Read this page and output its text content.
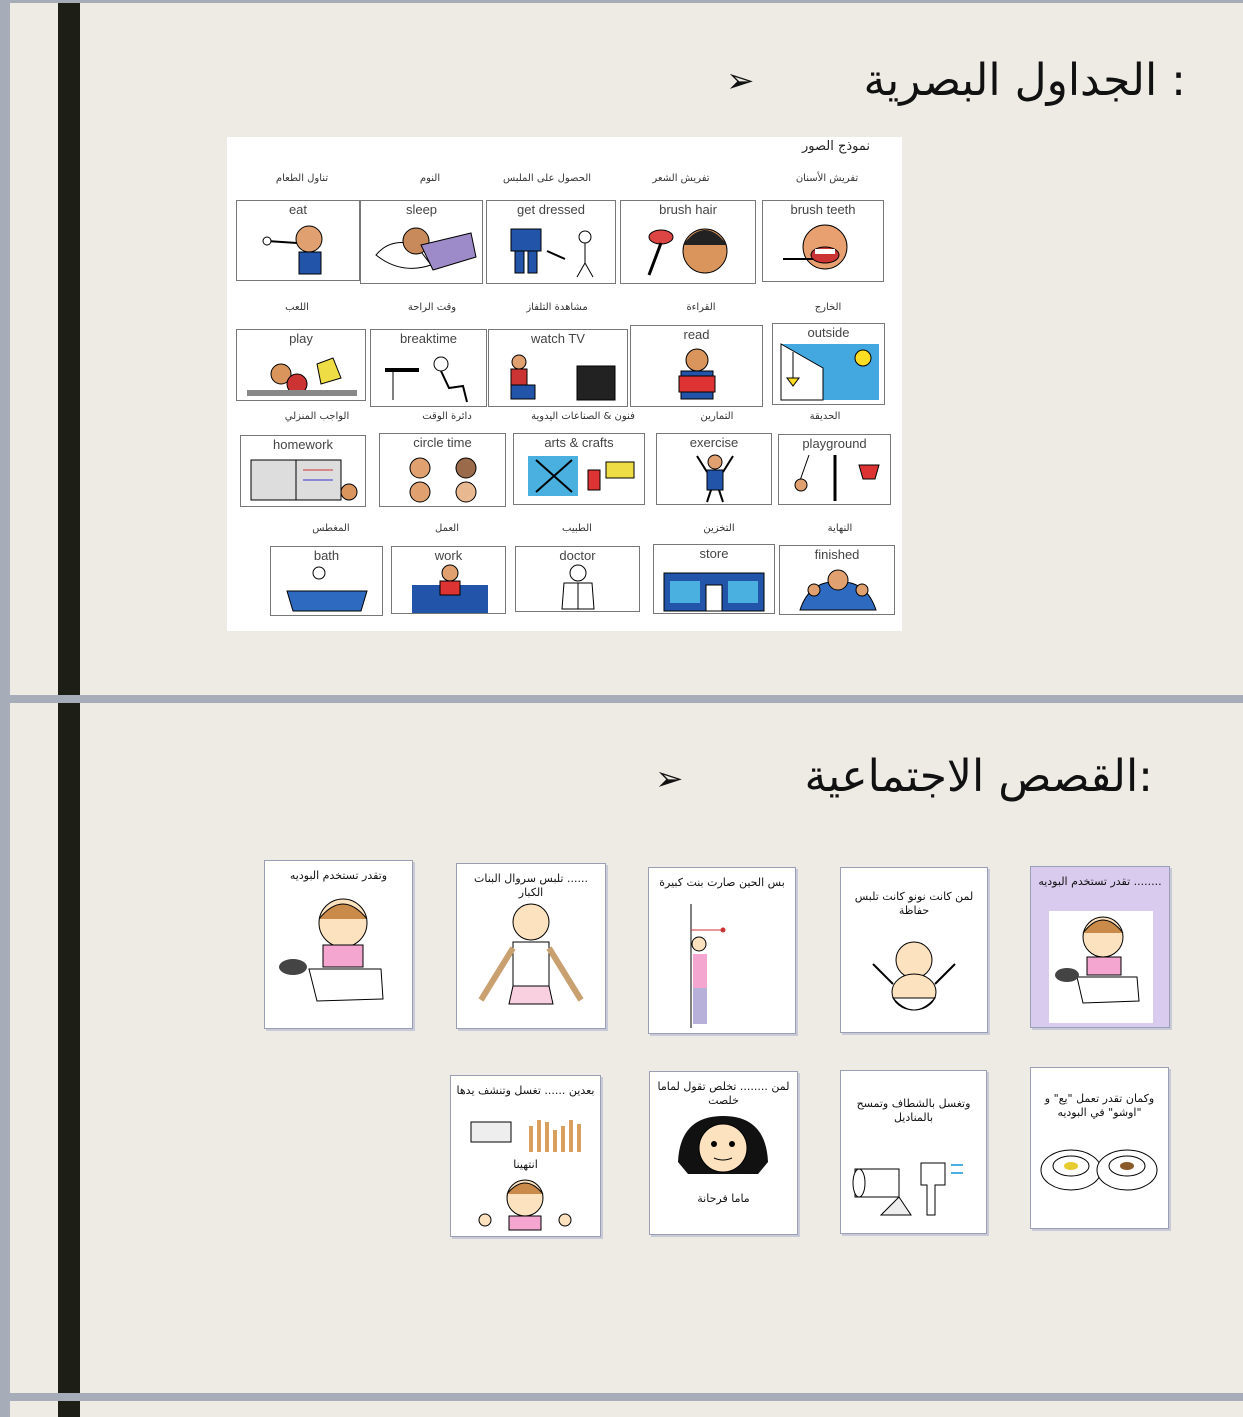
: الجداول البصرية
➢
نموذج الصور
تناول الطعام	النوم	الحصول على الملبس	تفريش الشعر	تفريش الأسنان
eat	sleep	get dressed	brush hair	brush teeth
اللعب	وقت الراحة	مشاهدة التلفاز	القراءة	الخارج
play	breaktime	watch TV	read	outside
الواجب المنزلي	دائرة الوقت	فنون & الصناعات اليدوية	التمارين	الحديقة
homework	circle time	arts & crafts	exercise	playground
المغطس	العمل	الطبيب	التخزين	النهاية
bath	work	doctor	store	finished
:القصص الاجتماعية
➢
وتقدر تستخدم البوديه	...... تلبس سروال البنات الكبار
بس الحين صارت بنت كبيرة
لمن كانت نونو كانت تلبس حفاظة
........ تقدر تستخدم البوديه
بعدين ...... تغسل وتنشف يدها
انتهينا
لمن ........ تخلص تقول لماما خلصت
ماما فرحانة
وتغسل بالشطاف وتمسح بالمناديل
وكمان تقدر تعمل "يع" و "اوشو" في البوديه
